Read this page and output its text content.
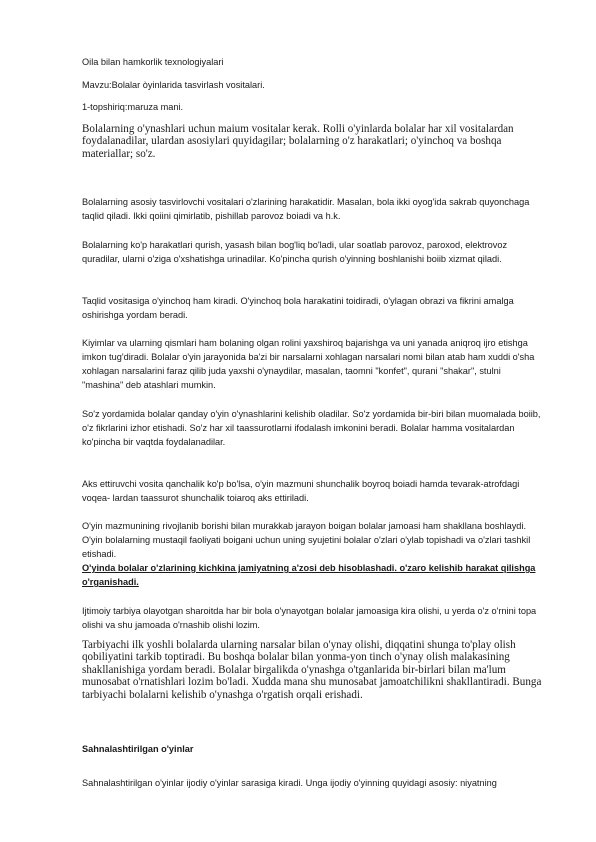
Oila bilan hamkorlik texnologiyalari

Mavzu:Bolalar òyinlarida tasvirlash vositalari.

1-topshiriq:maruza mani.

Bolalarning o'ynashlari uchun maium vositalar kerak. Rolli o'yinlarda bolalar har xil vositalardan foydalanadilar, ulardan asosiylari quyidagilar; bolalarning o'z harakatlari; o'yinchoq va boshqa materiallar; so'z.

Bolalarning asosiy tasvirlovchi vositalari o'zlarining harakatidir. Masalan, bola ikki oyog'ida sakrab quyonchaga taqlid qiladi. Ikki qoiini qimirlatib, pishillab parovoz boiadi va h.k.

Bolalarning ko'p harakatlari qurish, yasash bilan bog'liq bo'ladi, ular soatlab parovoz, paroxod, elektrovoz quradilar, ularni o'ziga o'xshatishga urinadilar. Ko'pincha qurish o'yinning boshlanishi boiib xizmat qiladi.

Taqlid vositasiga o'yinchoq ham kiradi. O'yinchoq bola harakatini toidiradi, o'ylagan obrazi va fikrini amalga oshirishga yordam beradi.

Kiyimlar va ularning qismlari ham bolaning olgan rolini yaxshiroq bajarishga va uni yanada aniqroq ijro etishga imkon tug'diradi. Bolalar o'yin jarayonida ba'zi bir narsalarni xohlagan narsalari nomi bilan atab ham xuddi o'sha xohlagan narsalarini faraz qilib juda yaxshi o'ynaydilar, masalan, taomni "konfet", qurani "shakar", stulni "mashina" deb atashlari mumkin.

So'z yordamida bolalar qanday o'yin o'ynashlarini kelishib oladilar. So'z yordamida bir-biri bilan muomalada boiib, o'z fikrlarini izhor etishadi. So'z har xil taassurotlarni ifodalash imkonini beradi. Bolalar hamma vositalardan ko'pincha bir vaqtda foydalanadilar.

Aks ettiruvchi vosita qanchalik ko'p bo'lsa, o'yin mazmuni shunchalik boyroq boiadi hamda tevarak-atrofdagi voqea- lardan taassurot shunchalik toiaroq aks ettiriladi.

O'yin mazmunining rivojlanib borishi bilan murakkab jarayon boigan bolalar jamoasi ham shakllana boshlaydi. O'yin bolalarning mustaqil faoliyati boigani uchun uning syujetini bolalar o'zlari o'ylab topishadi va o'zlari tashkil etishadi.

O'yinda bolalar o'zlarining kichkina jamiyatning a'zosi deb hisoblashadi. o'zaro kelishib harakat qilishga o'rganishadi.

Ijtimoiy tarbiya olayotgan sharoitda har bir bola o'ynayotgan bolalar jamoasiga kira olishi, u yerda o'z o'rnini topa olishi va shu jamoada o'rnashib olishi lozim.

Tarbiyachi ilk yoshli bolalarda ularning narsalar bilan o'ynay olishi, diqqatini shunga to'play olish qobiliyatini tarkib toptiradi. Bu boshqa bolalar bilan yonma-yon tinch o'ynay olish malakasining shakllanishiga yordam beradi. Bolalar birgalikda o'ynashga o'tganlarida bir-birlari bilan ma'lum munosabat o'rnatishlari lozim bo'ladi. Xudda mana shu munosabat jamoatchilikni shakllantiradi. Bunga tarbiyachi bolalarni kelishib o'ynashga o'rgatish orqali erishadi.

Sahnalashtirilgan o'yinlar

Sahnalashtirilgan o'yinlar ijodiy o'yinlar sarasiga kiradi. Unga ijodiy o'yinning quyidagi asosiy: niyatning
